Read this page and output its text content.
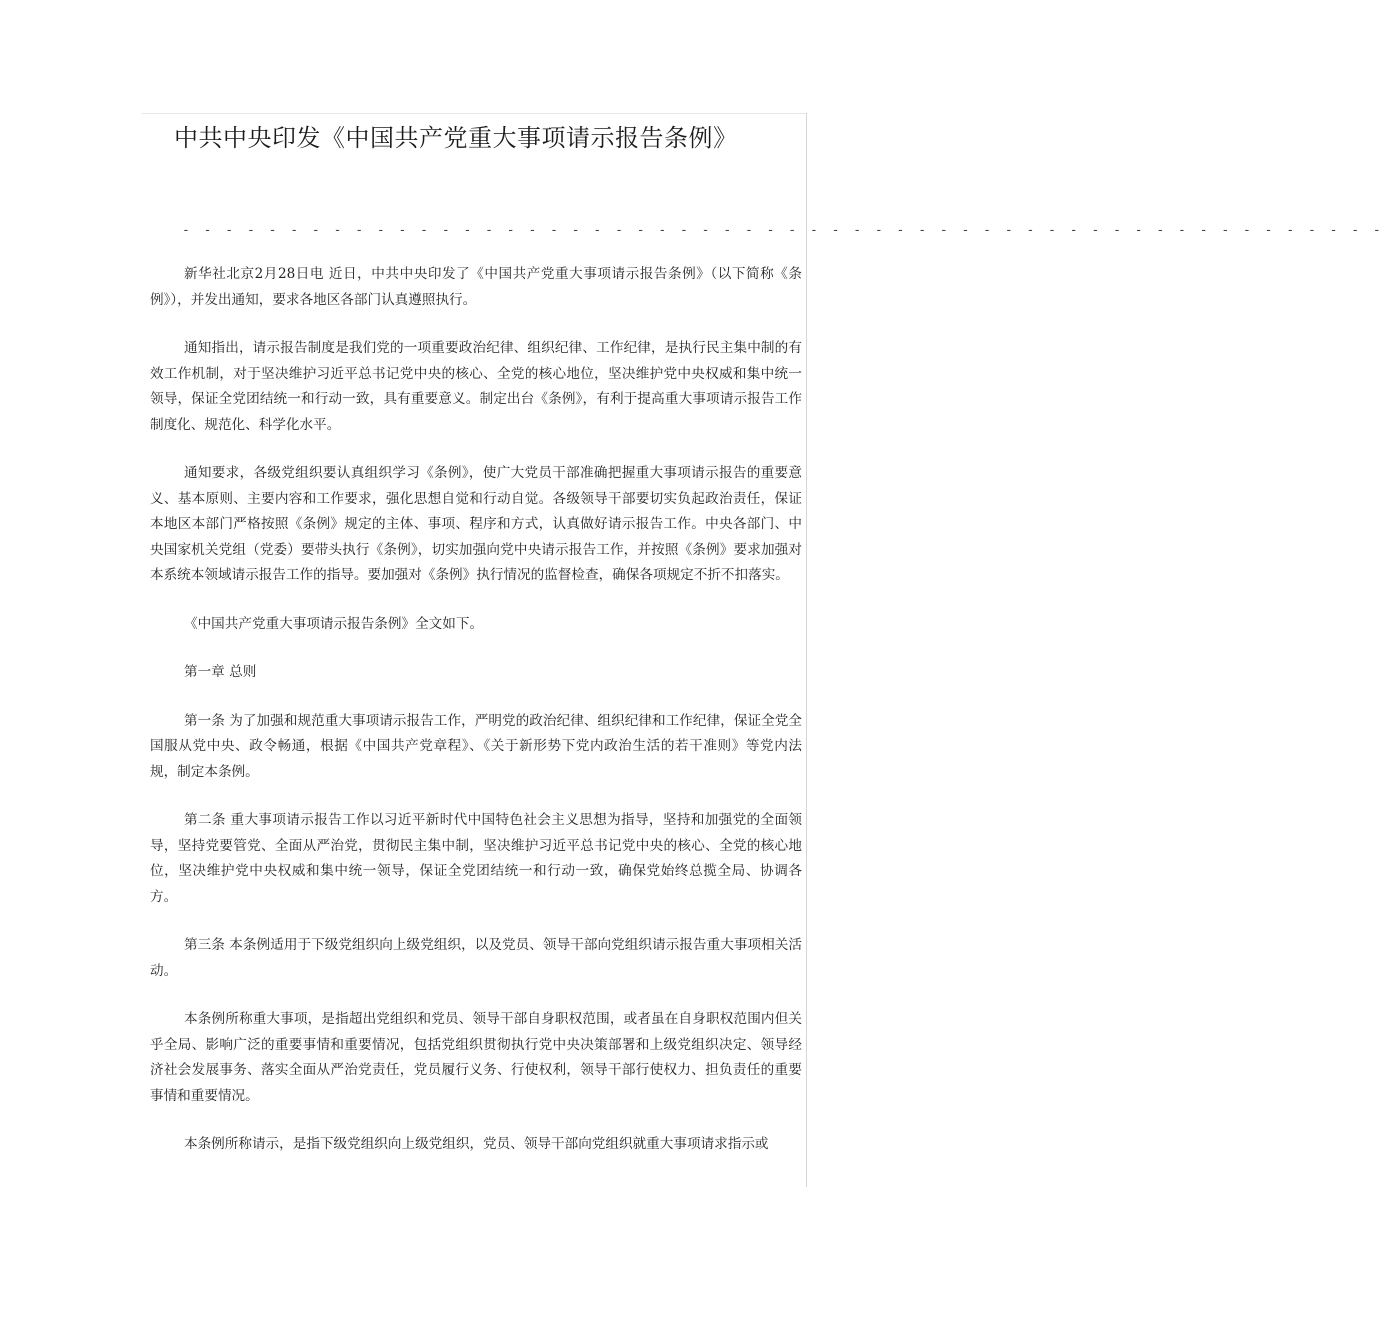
中共中央印发《中国共产党重大事项请示报告条例》
- - - - - - - - - - - - - - - - - - - - - - - - - - - - - - - - - - - - - - - - - - - - - - - - - - - - - - - -

新华社北京2月28日电 近日，中共中央印发了《中国共产党重大事项请示报告条例》（以下简称《条例》），并发出通知，要求各地区各部门认真遵照执行。

通知指出，请示报告制度是我们党的一项重要政治纪律、组织纪律、工作纪律，是执行民主集中制的有效工作机制，对于坚决维护习近平总书记党中央的核心、全党的核心地位，坚决维护党中央权威和集中统一领导，保证全党团结统一和行动一致，具有重要意义。制定出台《条例》，有利于提高重大事项请示报告工作制度化、规范化、科学化水平。

通知要求，各级党组织要认真组织学习《条例》，使广大党员干部准确把握重大事项请示报告的重要意义、基本原则、主要内容和工作要求，强化思想自觉和行动自觉。各级领导干部要切实负起政治责任，保证本地区本部门严格按照《条例》规定的主体、事项、程序和方式，认真做好请示报告工作。中央各部门、中央国家机关党组（党委）要带头执行《条例》，切实加强向党中央请示报告工作，并按照《条例》要求加强对本系统本领域请示报告工作的指导。要加强对《条例》执行情况的监督检查，确保各项规定不折不扣落实。

《中国共产党重大事项请示报告条例》全文如下。

第一章 总则

第一条 为了加强和规范重大事项请示报告工作，严明党的政治纪律、组织纪律和工作纪律，保证全党全国服从党中央、政令畅通，根据《中国共产党章程》、《关于新形势下党内政治生活的若干准则》等党内法规，制定本条例。

第二条 重大事项请示报告工作以习近平新时代中国特色社会主义思想为指导，坚持和加强党的全面领导，坚持党要管党、全面从严治党，贯彻民主集中制，坚决维护习近平总书记党中央的核心、全党的核心地位，坚决维护党中央权威和集中统一领导，保证全党团结统一和行动一致，确保党始终总揽全局、协调各方。

第三条 本条例适用于下级党组织向上级党组织，以及党员、领导干部向党组织请示报告重大事项相关活动。

本条例所称重大事项，是指超出党组织和党员、领导干部自身职权范围，或者虽在自身职权范围内但关乎全局、影响广泛的重要事情和重要情况，包括党组织贯彻执行党中央决策部署和上级党组织决定、领导经济社会发展事务、落实全面从严治党责任，党员履行义务、行使权利，领导干部行使权力、担负责任的重要事情和重要情况。

本条例所称请示，是指下级党组织向上级党组织，党员、领导干部向党组织就重大事项请求指示或
